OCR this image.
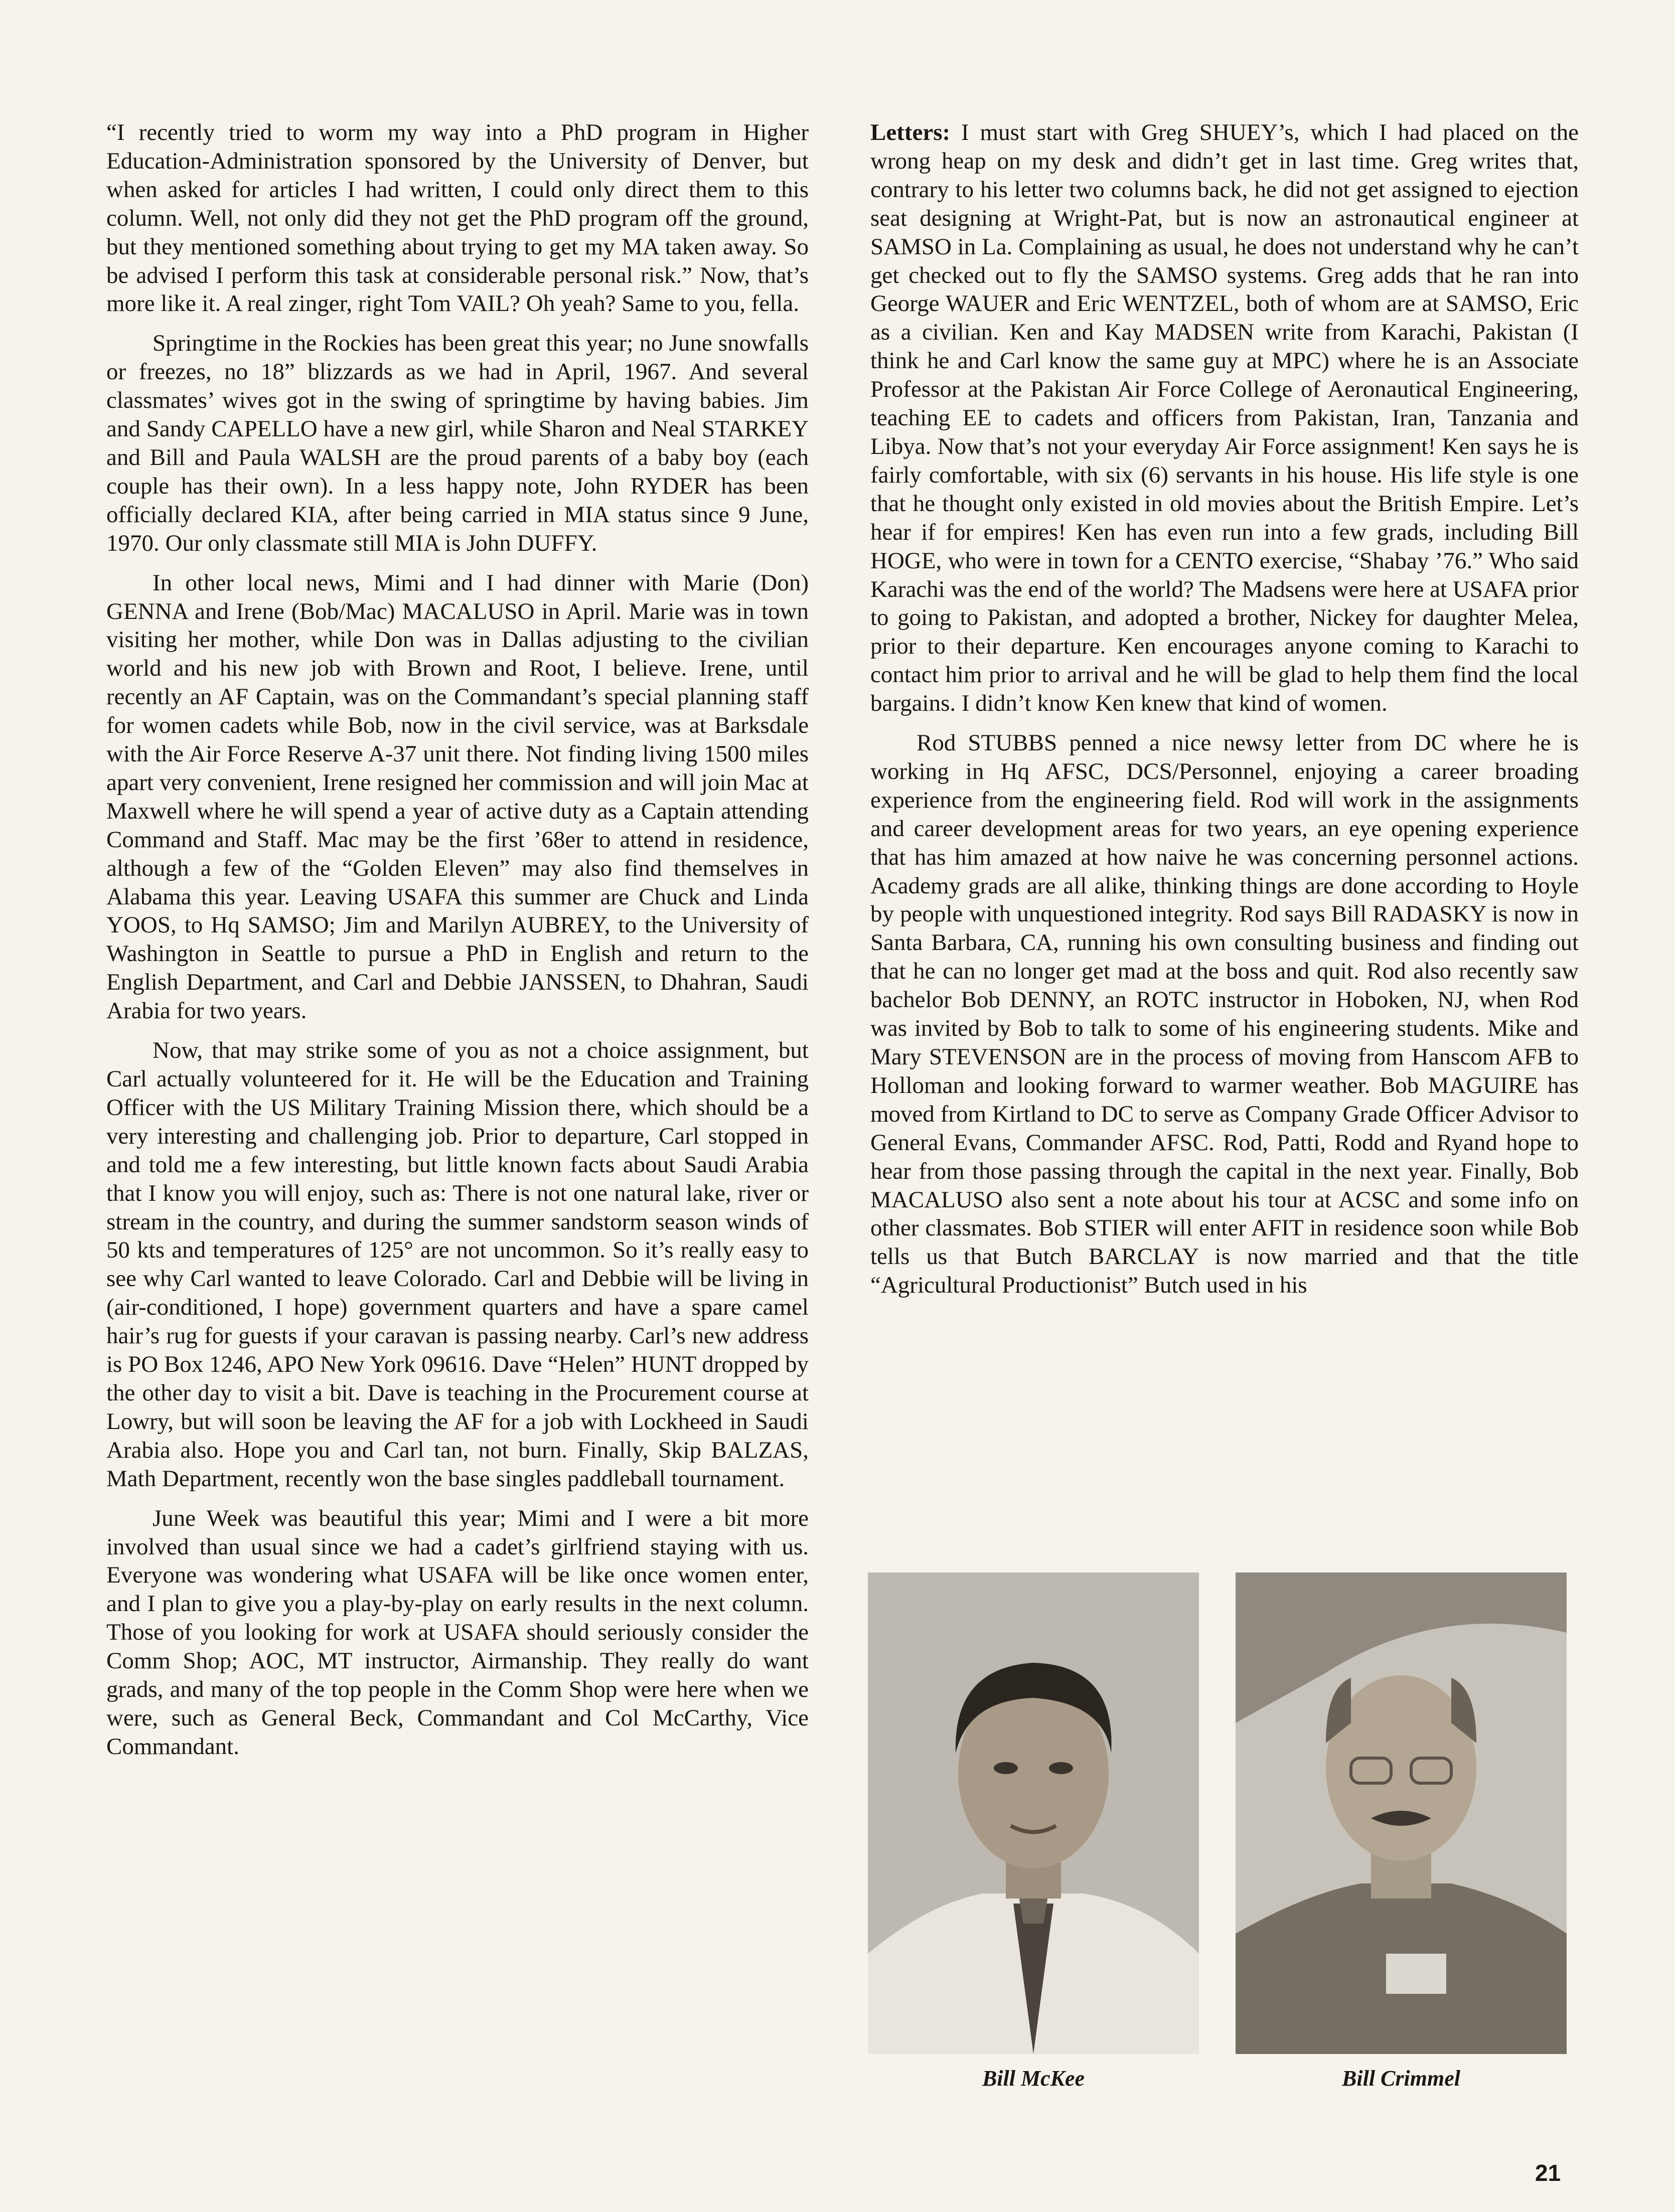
“I recently tried to worm my way into a PhD program in Higher Education-Administration sponsored by the University of Denver, but when asked for articles I had written, I could only direct them to this column. Well, not only did they not get the PhD program off the ground, but they mentioned something about trying to get my MA taken away. So be advised I perform this task at considerable personal risk.” Now, that’s more like it. A real zinger, right Tom VAIL? Oh yeah? Same to you, fella.

Springtime in the Rockies has been great this year; no June snowfalls or freezes, no 18” blizzards as we had in April, 1967. And several classmates’ wives got in the swing of springtime by having babies. Jim and Sandy CAPELLO have a new girl, while Sharon and Neal STARKEY and Bill and Paula WALSH are the proud parents of a baby boy (each couple has their own). In a less happy note, John RYDER has been officially declared KIA, after being carried in MIA status since 9 June, 1970. Our only classmate still MIA is John DUFFY.

In other local news, Mimi and I had dinner with Marie (Don) GENNA and Irene (Bob/Mac) MACALUSO in April. Marie was in town visiting her mother, while Don was in Dallas adjusting to the civilian world and his new job with Brown and Root, I believe. Irene, until recently an AF Captain, was on the Commandant’s special planning staff for women cadets while Bob, now in the civil service, was at Barksdale with the Air Force Reserve A-37 unit there. Not finding living 1500 miles apart very convenient, Irene resigned her commission and will join Mac at Maxwell where he will spend a year of active duty as a Captain attending Command and Staff. Mac may be the first ’68er to attend in residence, although a few of the “Golden Eleven” may also find themselves in Alabama this year. Leaving USAFA this summer are Chuck and Linda YOOS, to Hq SAMSO; Jim and Marilyn AUBREY, to the University of Washington in Seattle to pursue a PhD in English and return to the English Department, and Carl and Debbie JANSSEN, to Dhahran, Saudi Arabia for two years.

Now, that may strike some of you as not a choice assignment, but Carl actually volunteered for it. He will be the Education and Training Officer with the US Military Training Mission there, which should be a very interesting and challenging job. Prior to departure, Carl stopped in and told me a few interesting, but little known facts about Saudi Arabia that I know you will enjoy, such as: There is not one natural lake, river or stream in the country, and during the summer sandstorm season winds of 50 kts and temperatures of 125° are not uncommon. So it’s really easy to see why Carl wanted to leave Colorado. Carl and Debbie will be living in (air-conditioned, I hope) government quarters and have a spare camel hair’s rug for guests if your caravan is passing nearby. Carl’s new address is PO Box 1246, APO New York 09616. Dave “Helen” HUNT dropped by the other day to visit a bit. Dave is teaching in the Procurement course at Lowry, but will soon be leaving the AF for a job with Lockheed in Saudi Arabia also. Hope you and Carl tan, not burn. Finally, Skip BALZAS, Math Department, recently won the base singles paddleball tournament.

June Week was beautiful this year; Mimi and I were a bit more involved than usual since we had a cadet’s girlfriend staying with us. Everyone was wondering what USAFA will be like once women enter, and I plan to give you a play-by-play on early results in the next column. Those of you looking for work at USAFA should seriously consider the Comm Shop; AOC, MT instructor, Airmanship. They really do want grads, and many of the top people in the Comm Shop were here when we were, such as General Beck, Commandant and Col McCarthy, Vice Commandant.

Letters: I must start with Greg SHUEY’s, which I had placed on the wrong heap on my desk and didn’t get in last time. Greg writes that, contrary to his letter two columns back, he did not get assigned to ejection seat designing at Wright-Pat, but is now an astronautical engineer at SAMSO in La. Complaining as usual, he does not understand why he can’t get checked out to fly the SAMSO systems. Greg adds that he ran into George WAUER and Eric WENTZEL, both of whom are at SAMSO, Eric as a civilian. Ken and Kay MADSEN write from Karachi, Pakistan (I think he and Carl know the same guy at MPC) where he is an Associate Professor at the Pakistan Air Force College of Aeronautical Engineering, teaching EE to cadets and officers from Pakistan, Iran, Tanzania and Libya. Now that’s not your everyday Air Force assignment! Ken says he is fairly comfortable, with six (6) servants in his house. His life style is one that he thought only existed in old movies about the British Empire. Let’s hear if for empires! Ken has even run into a few grads, including Bill HOGE, who were in town for a CENTO exercise, “Shabay ’76.” Who said Karachi was the end of the world? The Madsens were here at USAFA prior to going to Pakistan, and adopted a brother, Nickey for daughter Melea, prior to their departure. Ken encourages anyone coming to Karachi to contact him prior to arrival and he will be glad to help them find the local bargains. I didn’t know Ken knew that kind of women.

Rod STUBBS penned a nice newsy letter from DC where he is working in Hq AFSC, DCS/Personnel, enjoying a career broading experience from the engineering field. Rod will work in the assignments and career development areas for two years, an eye opening experience that has him amazed at how naive he was concerning personnel actions. Academy grads are all alike, thinking things are done according to Hoyle by people with unquestioned integrity. Rod says Bill RADASKY is now in Santa Barbara, CA, running his own consulting business and finding out that he can no longer get mad at the boss and quit. Rod also recently saw bachelor Bob DENNY, an ROTC instructor in Hoboken, NJ, when Rod was invited by Bob to talk to some of his engineering students. Mike and Mary STEVENSON are in the process of moving from Hanscom AFB to Holloman and looking forward to warmer weather. Bob MAGUIRE has moved from Kirtland to DC to serve as Company Grade Officer Advisor to General Evans, Commander AFSC. Rod, Patti, Rodd and Ryand hope to hear from those passing through the capital in the next year. Finally, Bob MACALUSO also sent a note about his tour at ACSC and some info on other classmates. Bob STIER will enter AFIT in residence soon while Bob tells us that Butch BARCLAY is now married and that the title “Agricultural Productionist” Butch used in his

Bill McKee	Bill Crimmel
21
